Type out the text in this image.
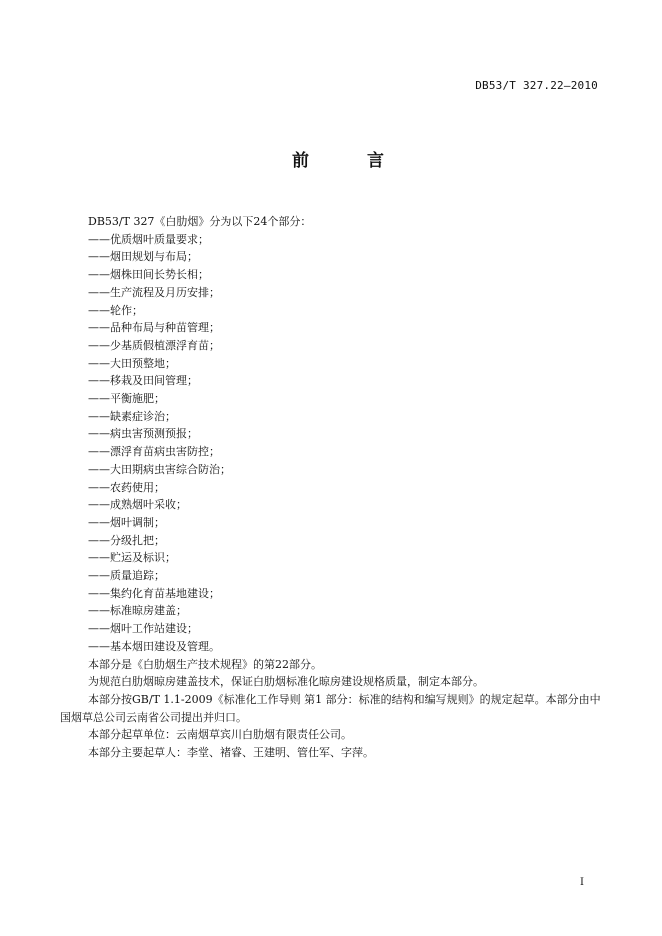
DB53/T 327.22—2010
前 言

DB53/T 327《白肋烟》分为以下24个部分：

——优质烟叶质量要求；

——烟田规划与布局；

——烟株田间长势长相；

——生产流程及月历安排；

——轮作；

——品种布局与种苗管理；

——少基质假植漂浮育苗；

——大田预整地；

——移栽及田间管理；

——平衡施肥；

——缺素症诊治；

——病虫害预测预报；

——漂浮育苗病虫害防控；

——大田期病虫害综合防治；

——农药使用；

——成熟烟叶采收；

——烟叶调制；

——分级扎把；

——贮运及标识；

——质量追踪；

——集约化育苗基地建设；

——标准晾房建盖；

——烟叶工作站建设；

——基本烟田建设及管理。

本部分是《白肋烟生产技术规程》的第22部分。

为规范白肋烟晾房建盖技术，保证白肋烟标准化晾房建设规格质量，制定本部分。

本部分按GB/T 1.1-2009《标准化工作导则 第1 部分：标准的结构和编写规则》的规定起草。本部分由中国烟草总公司云南省公司提出并归口。

本部分起草单位：云南烟草宾川白肋烟有限责任公司。

本部分主要起草人：李堂、褚睿、王建明、管仕军、字萍。

I
